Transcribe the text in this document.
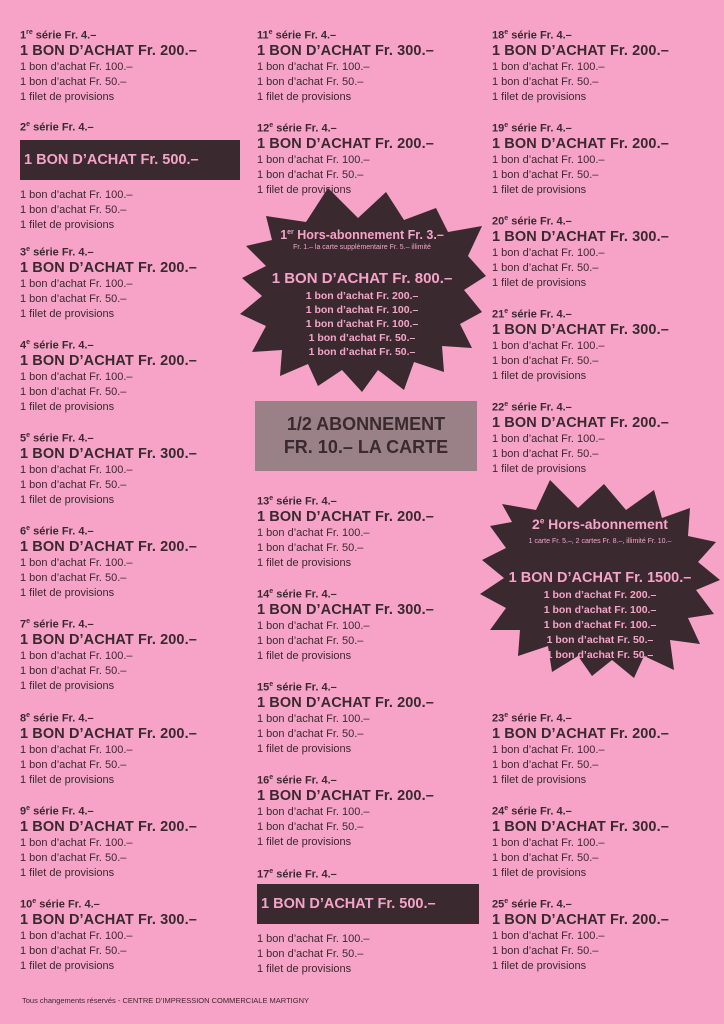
1re série Fr. 4.–
1 BON D’ACHAT Fr. 200.–
1 bon d’achat Fr. 100.–
1 bon d’achat Fr. 50.–
1 filet de provisions
2e série Fr. 4.–
1 BON D’ACHAT Fr. 500.–
1 bon d’achat Fr. 100.–
1 bon d’achat Fr. 50.–
1 filet de provisions
3e série Fr. 4.–
1 BON D’ACHAT Fr. 200.–
1 bon d’achat Fr. 100.–
1 bon d’achat Fr. 50.–
1 filet de provisions
4e série Fr. 4.–
1 BON D’ACHAT Fr. 200.–
1 bon d’achat Fr. 100.–
1 bon d’achat Fr. 50.–
1 filet de provisions
5e série Fr. 4.–
1 BON D’ACHAT Fr. 300.–
1 bon d’achat Fr. 100.–
1 bon d’achat Fr. 50.–
1 filet de provisions
6e série Fr. 4.–
1 BON D’ACHAT Fr. 200.–
1 bon d’achat Fr. 100.–
1 bon d’achat Fr. 50.–
1 filet de provisions
7e série Fr. 4.–
1 BON D’ACHAT Fr. 200.–
1 bon d’achat Fr. 100.–
1 bon d’achat Fr. 50.–
1 filet de provisions
8e série Fr. 4.–
1 BON D’ACHAT Fr. 200.–
1 bon d’achat Fr. 100.–
1 bon d’achat Fr. 50.–
1 filet de provisions
9e série Fr. 4.–
1 BON D’ACHAT Fr. 200.–
1 bon d’achat Fr. 100.–
1 bon d’achat Fr. 50.–
1 filet de provisions
10e série Fr. 4.–
1 BON D’ACHAT Fr. 300.–
1 bon d’achat Fr. 100.–
1 bon d’achat Fr. 50.–
1 filet de provisions
11e série Fr. 4.–
1 BON D’ACHAT Fr. 300.–
1 bon d’achat Fr. 100.–
1 bon d’achat Fr. 50.–
1 filet de provisions
12e série Fr. 4.–
1 BON D’ACHAT Fr. 200.–
1 bon d’achat Fr. 100.–
1 bon d’achat Fr. 50.–
1 filet de provisions
13e série Fr. 4.–
1 BON D’ACHAT Fr. 200.–
1 bon d’achat Fr. 100.–
1 bon d’achat Fr. 50.–
1 filet de provisions
14e série Fr. 4.–
1 BON D’ACHAT Fr. 300.–
1 bon d’achat Fr. 100.–
1 bon d’achat Fr. 50.–
1 filet de provisions
15e série Fr. 4.–
1 BON D’ACHAT Fr. 200.–
1 bon d’achat Fr. 100.–
1 bon d’achat Fr. 50.–
1 filet de provisions
16e série Fr. 4.–
1 BON D’ACHAT Fr. 200.–
1 bon d’achat Fr. 100.–
1 bon d’achat Fr. 50.–
1 filet de provisions
17e série Fr. 4.–
1 BON D’ACHAT Fr. 500.–
1 bon d’achat Fr. 100.–
1 bon d’achat Fr. 50.–
1 filet de provisions
18e série Fr. 4.–
1 BON D’ACHAT Fr. 200.–
1 bon d’achat Fr. 100.–
1 bon d’achat Fr. 50.–
1 filet de provisions
19e série Fr. 4.–
1 BON D’ACHAT Fr. 200.–
1 bon d’achat Fr. 100.–
1 bon d’achat Fr. 50.–
1 filet de provisions
20e série Fr. 4.–
1 BON D’ACHAT Fr. 300.–
1 bon d’achat Fr. 100.–
1 bon d’achat Fr. 50.–
1 filet de provisions
21e série Fr. 4.–
1 BON D’ACHAT Fr. 300.–
1 bon d’achat Fr. 100.–
1 bon d’achat Fr. 50.–
1 filet de provisions
22e série Fr. 4.–
1 BON D’ACHAT Fr. 200.–
1 bon d’achat Fr. 100.–
1 bon d’achat Fr. 50.–
1 filet de provisions
23e série Fr. 4.–
1 BON D’ACHAT Fr. 200.–
1 bon d’achat Fr. 100.–
1 bon d’achat Fr. 50.–
1 filet de provisions
24e série Fr. 4.–
1 BON D’ACHAT Fr. 300.–
1 bon d’achat Fr. 100.–
1 bon d’achat Fr. 50.–
1 filet de provisions
25e série Fr. 4.–
1 BON D’ACHAT Fr. 200.–
1 bon d’achat Fr. 100.–
1 bon d’achat Fr. 50.–
1 filet de provisions
1er Hors-abonnement Fr. 3.–
Fr. 1.– la carte supplémentaire Fr. 5.– illimité
1 BON D’ACHAT Fr. 800.–
1 bon d’achat Fr. 200.–
1 bon d’achat Fr. 100.–
1 bon d’achat Fr. 100.–
1 bon d’achat Fr. 50.–
1 bon d’achat Fr. 50.–
1/2 ABONNEMENT
FR. 10.– LA CARTE
2e Hors-abonnement
1 carte Fr. 5.–, 2 cartes Fr. 8.–, illimité Fr. 10.–
1 BON D’ACHAT Fr. 1500.–
1 bon d’achat Fr. 200.–
1 bon d’achat Fr. 100.–
1 bon d’achat Fr. 100.–
1 bon d’achat Fr. 50.–
1 bon d’achat Fr. 50.–
Tous changements réservés - CENTRE D’IMPRESSION COMMERCIALE MARTIGNY
